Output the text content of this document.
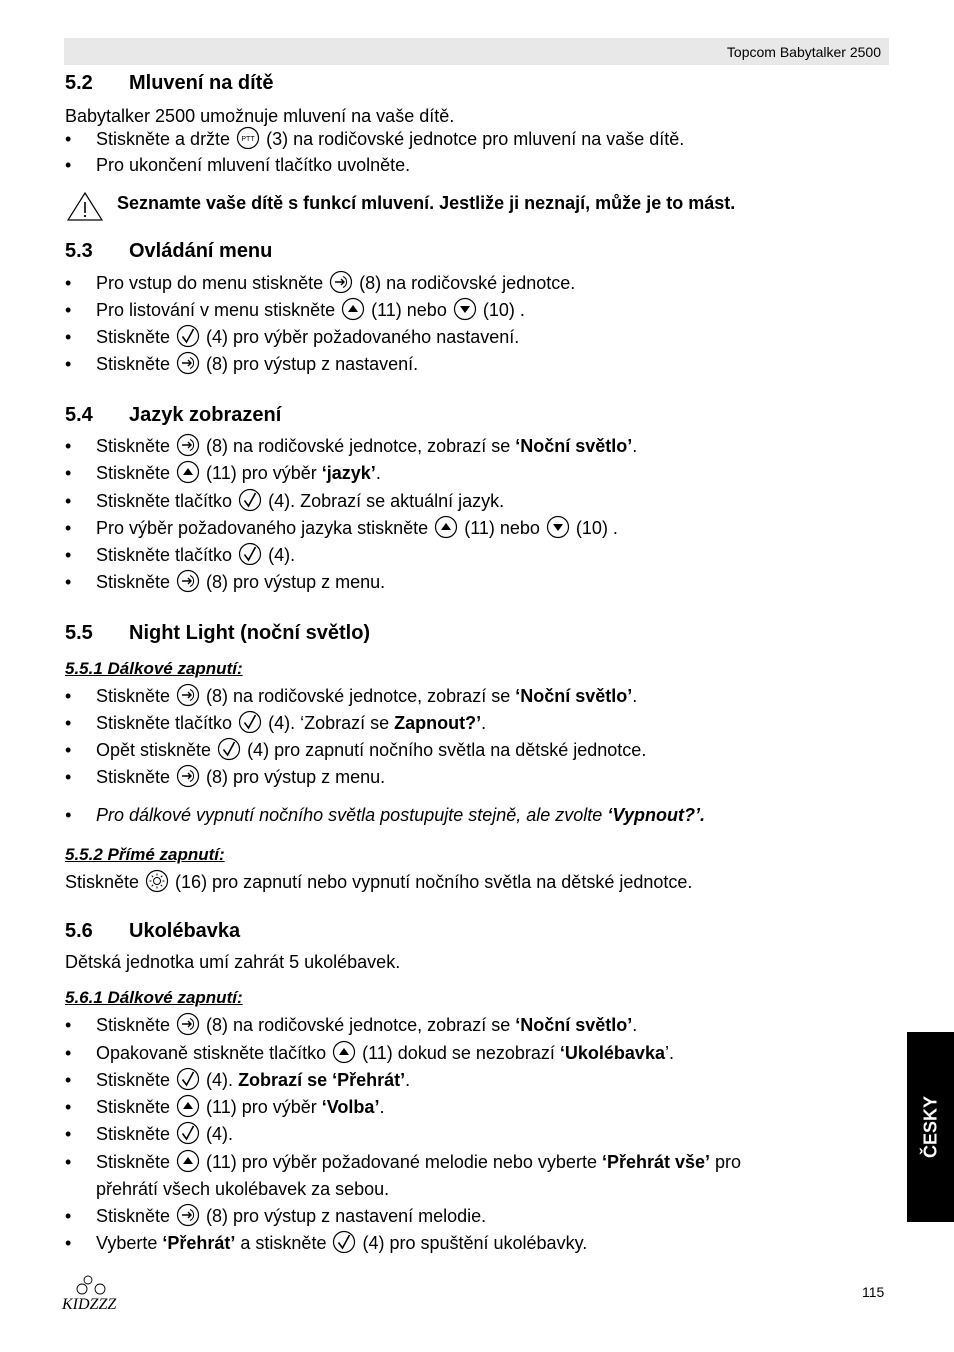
Topcom Babytalker 2500
5.2 Mluvení na dítě
Babytalker 2500 umožnuje mluvení na vaše dítě.
• Stiskněte a držte (3) na rodičovské jednotce pro mluvení na vaše dítě.
• Pro ukončení mluvení tlačítko uvolněte.
Seznamte vaše dítě s funkcí mluvení. Jestliže ji neznají, může je to mást.
5.3 Ovládání menu
• Pro vstup do menu stiskněte (8) na rodičovské jednotce.
• Pro listování v menu stiskněte (11) nebo (10) .
• Stiskněte (4) pro výběr požadovaného nastavení.
• Stiskněte (8) pro výstup z nastavení.
5.4 Jazyk zobrazení
• Stiskněte (8) na rodičovské jednotce, zobrazí se ‘Noční světlo’.
• Stiskněte (11) pro výběr ‘jazyk’.
• Stiskněte tlačítko (4). Zobrazí se aktuální jazyk.
• Pro výběr požadovaného jazyka stiskněte (11) nebo (10) .
• Stiskněte tlačítko (4).
• Stiskněte (8) pro výstup z menu.
5.5 Night Light (noční světlo)
5.5.1 Dálkové zapnutí:
• Stiskněte (8) na rodičovské jednotce, zobrazí se ‘Noční světlo’.
• Stiskněte tlačítko (4). ‘Zobrazí se Zapnout?’.
• Opět stiskněte (4) pro zapnutí nočního světla na dětské jednotce.
• Stiskněte (8) pro výstup z menu.
• Pro dálkové vypnutí nočního světla postupujte stejně, ale zvolte ‘Vypnout?’.
5.5.2 Přímé zapnutí:
Stiskněte (16) pro zapnutí nebo vypnutí nočního světla na dětské jednotce.
5.6 Ukolébavka
Dětská jednotka umí zahrát 5 ukolébavek.
5.6.1 Dálkové zapnutí:
• Stiskněte (8) na rodičovské jednotce, zobrazí se ‘Noční světlo’.
• Opakovaně stiskněte tlačítko (11) dokud se nezobrazí ‘Ukolébavka’.
• Stiskněte (4). Zobrazí se ‘Přehrát’.
• Stiskněte (11) pro výběr ‘Volba’.
• Stiskněte (4).
• Stiskněte (11) pro výběr požadované melodie nebo vyberte ‘Přehrát vše’ pro
přehrátí všech ukolébavek za sebou.
• Stiskněte (8) pro výstup z nastavení melodie.
• Vyberte ‘Přehrát’ a stiskněte (4) pro spuštění ukolébavky.
ČESKY
KIDZZZ
115
